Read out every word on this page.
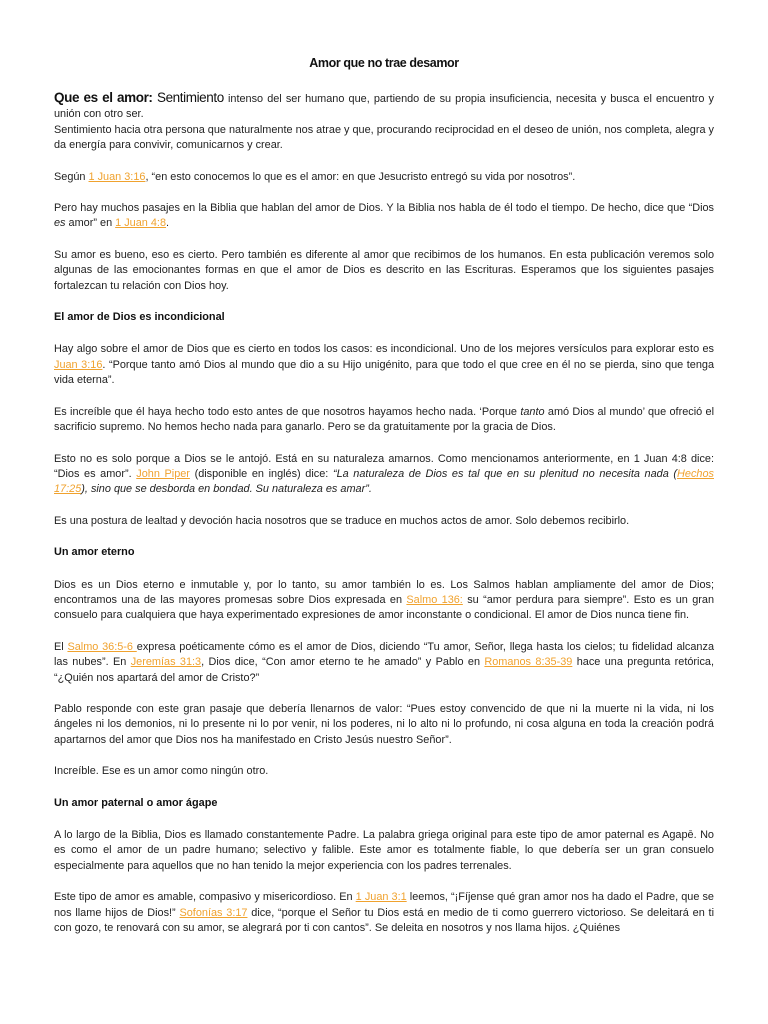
Amor que no trae desamor

Que es el amor: Sentimiento intenso del ser humano que, partiendo de su propia insuficiencia, necesita y busca el encuentro y unión con otro ser.
Sentimiento hacia otra persona que naturalmente nos atrae y que, procurando reciprocidad en el deseo de unión, nos completa, alegra y da energía para convivir, comunicarnos y crear.

Según 1 Juan 3:16, “en esto conocemos lo que es el amor: en que Jesucristo entregó su vida por nosotros”.

Pero hay muchos pasajes en la Biblia que hablan del amor de Dios. Y la Biblia nos habla de él todo el tiempo. De hecho, dice que “Dios es amor” en 1 Juan 4:8.

Su amor es bueno, eso es cierto. Pero también es diferente al amor que recibimos de los humanos. En esta publicación veremos solo algunas de las emocionantes formas en que el amor de Dios es descrito en las Escrituras. Esperamos que los siguientes pasajes fortalezcan tu relación con Dios hoy.

El amor de Dios es incondicional

Hay algo sobre el amor de Dios que es cierto en todos los casos: es incondicional. Uno de los mejores versículos para explorar esto es Juan 3:16. “Porque tanto amó Dios al mundo que dio a su Hijo unigénito, para que todo el que cree en él no se pierda, sino que tenga vida eterna”.

Es increíble que él haya hecho todo esto antes de que nosotros hayamos hecho nada. ‘Porque tanto amó Dios al mundo’ que ofreció el sacrificio supremo. No hemos hecho nada para ganarlo. Pero se da gratuitamente por la gracia de Dios.

Esto no es solo porque a Dios se le antojó. Está en su naturaleza amarnos. Como mencionamos anteriormente, en 1 Juan 4:8 dice: “Dios es amor”. John Piper (disponible en inglés) dice: “La naturaleza de Dios es tal que en su plenitud no necesita nada (Hechos 17:25), sino que se desborda en bondad. Su naturaleza es amar”.

Es una postura de lealtad y devoción hacia nosotros que se traduce en muchos actos de amor. Solo debemos recibirlo.

Un amor eterno

Dios es un Dios eterno e inmutable y, por lo tanto, su amor también lo es. Los Salmos hablan ampliamente del amor de Dios; encontramos una de las mayores promesas sobre Dios expresada en Salmo 136: su “amor perdura para siempre”. Esto es un gran consuelo para cualquiera que haya experimentado expresiones de amor inconstante o condicional. El amor de Dios nunca tiene fin.

El Salmo 36:5-6 expresa poéticamente cómo es el amor de Dios, diciendo “Tu amor, Señor, llega hasta los cielos; tu fidelidad alcanza las nubes”. En Jeremías 31:3, Dios dice, “Con amor eterno te he amado” y Pablo en Romanos 8:35-39 hace una pregunta retórica, “¿Quién nos apartará del amor de Cristo?”

Pablo responde con este gran pasaje que debería llenarnos de valor: “Pues estoy convencido de que ni la muerte ni la vida, ni los ángeles ni los demonios, ni lo presente ni lo por venir, ni los poderes, ni lo alto ni lo profundo, ni cosa alguna en toda la creación podrá apartarnos del amor que Dios nos ha manifestado en Cristo Jesús nuestro Señor”.

Increíble. Ese es un amor como ningún otro.

Un amor paternal o amor ágape

A lo largo de la Biblia, Dios es llamado constantemente Padre. La palabra griega original para este tipo de amor paternal es Agapē. No es como el amor de un padre humano; selectivo y falible. Este amor es totalmente fiable, lo que debería ser un gran consuelo especialmente para aquellos que no han tenido la mejor experiencia con los padres terrenales.

Este tipo de amor es amable, compasivo y misericordioso. En 1 Juan 3:1 leemos, “¡Fíjense qué gran amor nos ha dado el Padre, que se nos llame hijos de Dios!” Sofonías 3:17 dice, “porque el Señor tu Dios está en medio de ti como guerrero victorioso. Se deleitará en ti con gozo, te renovará con su amor, se alegrará por ti con cantos”. Se deleita en nosotros y nos llama hijos. ¿Quiénes
